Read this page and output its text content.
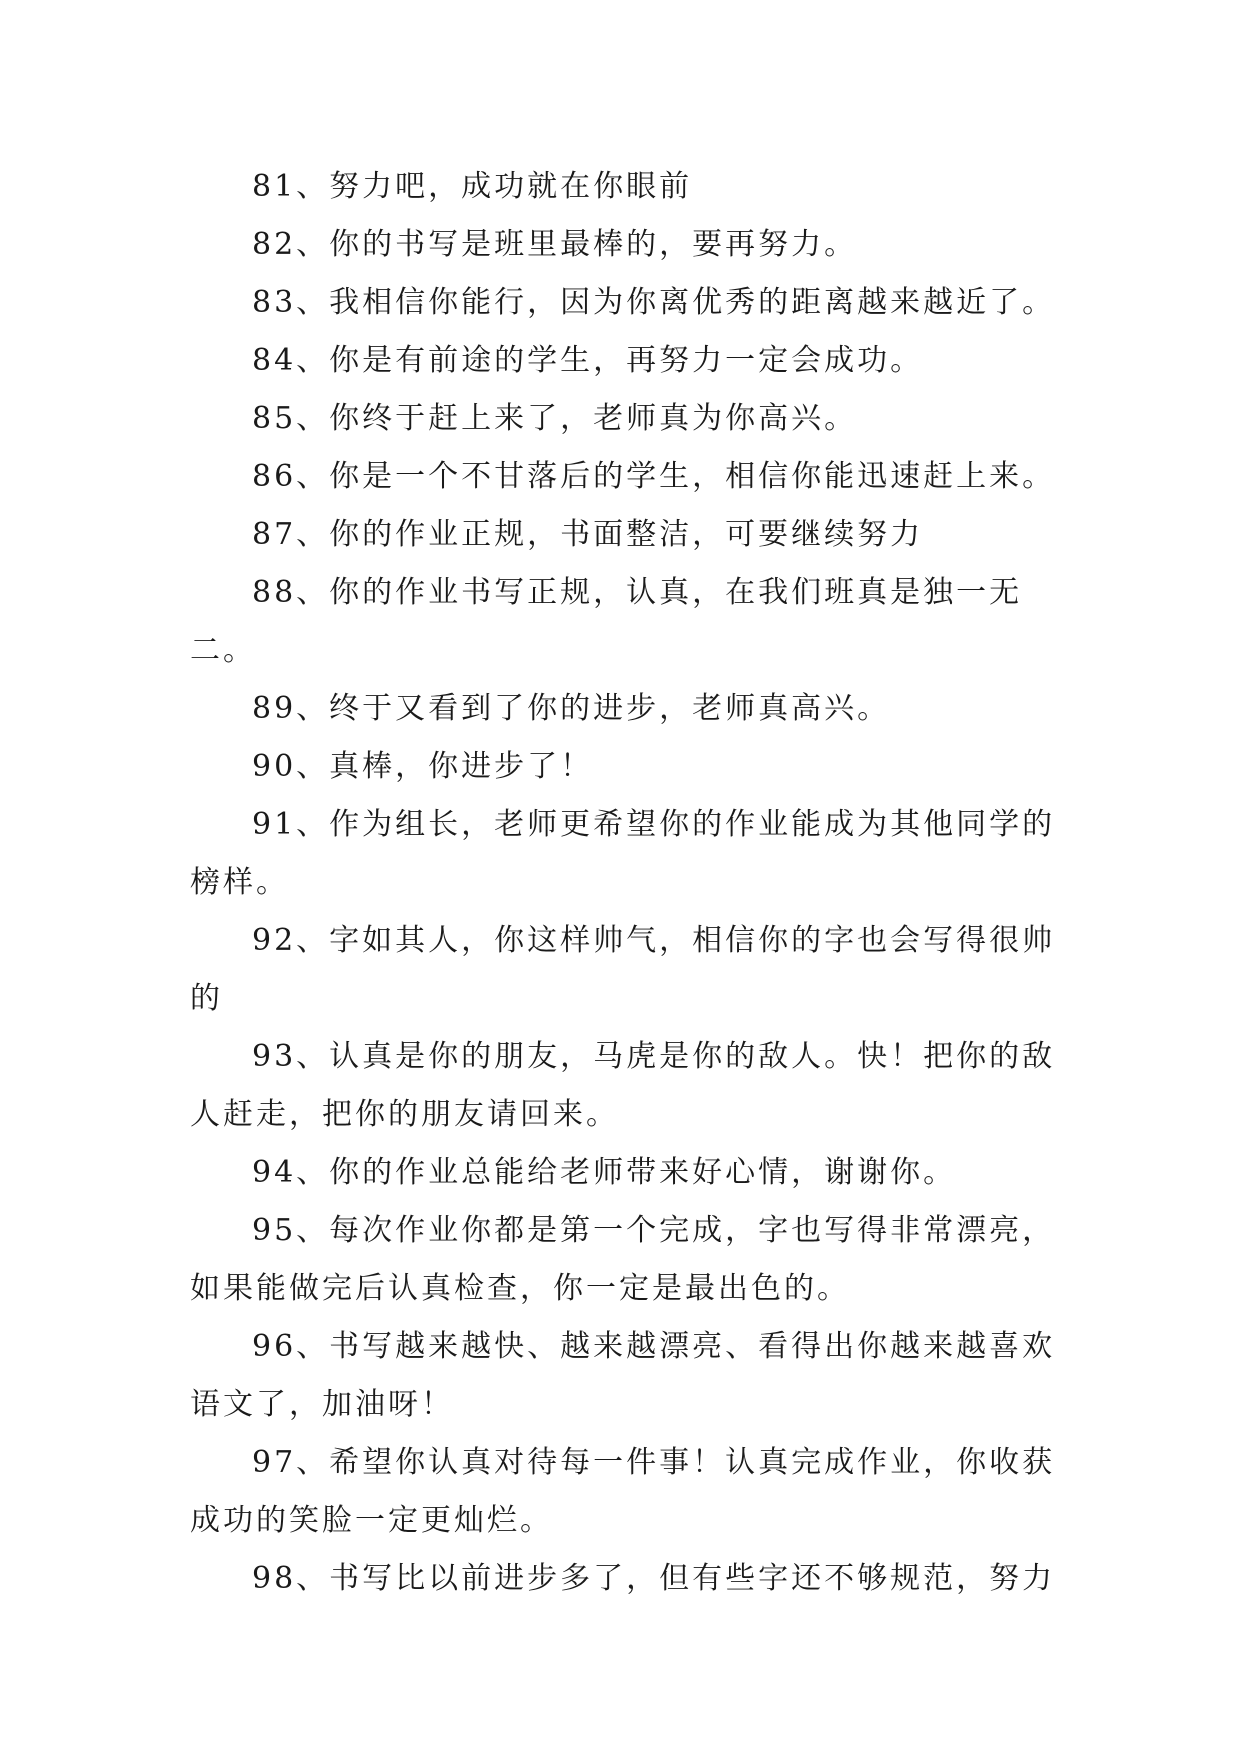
81、努力吧，成功就在你眼前

82、你的书写是班里最棒的，要再努力。

83、我相信你能行，因为你离优秀的距离越来越近了。

84、你是有前途的学生，再努力一定会成功。

85、你终于赶上来了，老师真为你高兴。

86、你是一个不甘落后的学生，相信你能迅速赶上来。

87、你的作业正规，书面整洁，可要继续努力

88、你的作业书写正规，认真，在我们班真是独一无二。

89、终于又看到了你的进步，老师真高兴。

90、真棒，你进步了！

91、作为组长，老师更希望你的作业能成为其他同学的榜样。

92、字如其人，你这样帅气，相信你的字也会写得很帅的

93、认真是你的朋友，马虎是你的敌人。快！把你的敌人赶走，把你的朋友请回来。

94、你的作业总能给老师带来好心情，谢谢你。

95、每次作业你都是第一个完成，字也写得非常漂亮，如果能做完后认真检查，你一定是最出色的。

96、书写越来越快、越来越漂亮、看得出你越来越喜欢语文了，加油呀！

97、希望你认真对待每一件事！认真完成作业，你收获成功的笑脸一定更灿烂。

98、书写比以前进步多了，但有些字还不够规范，努力
